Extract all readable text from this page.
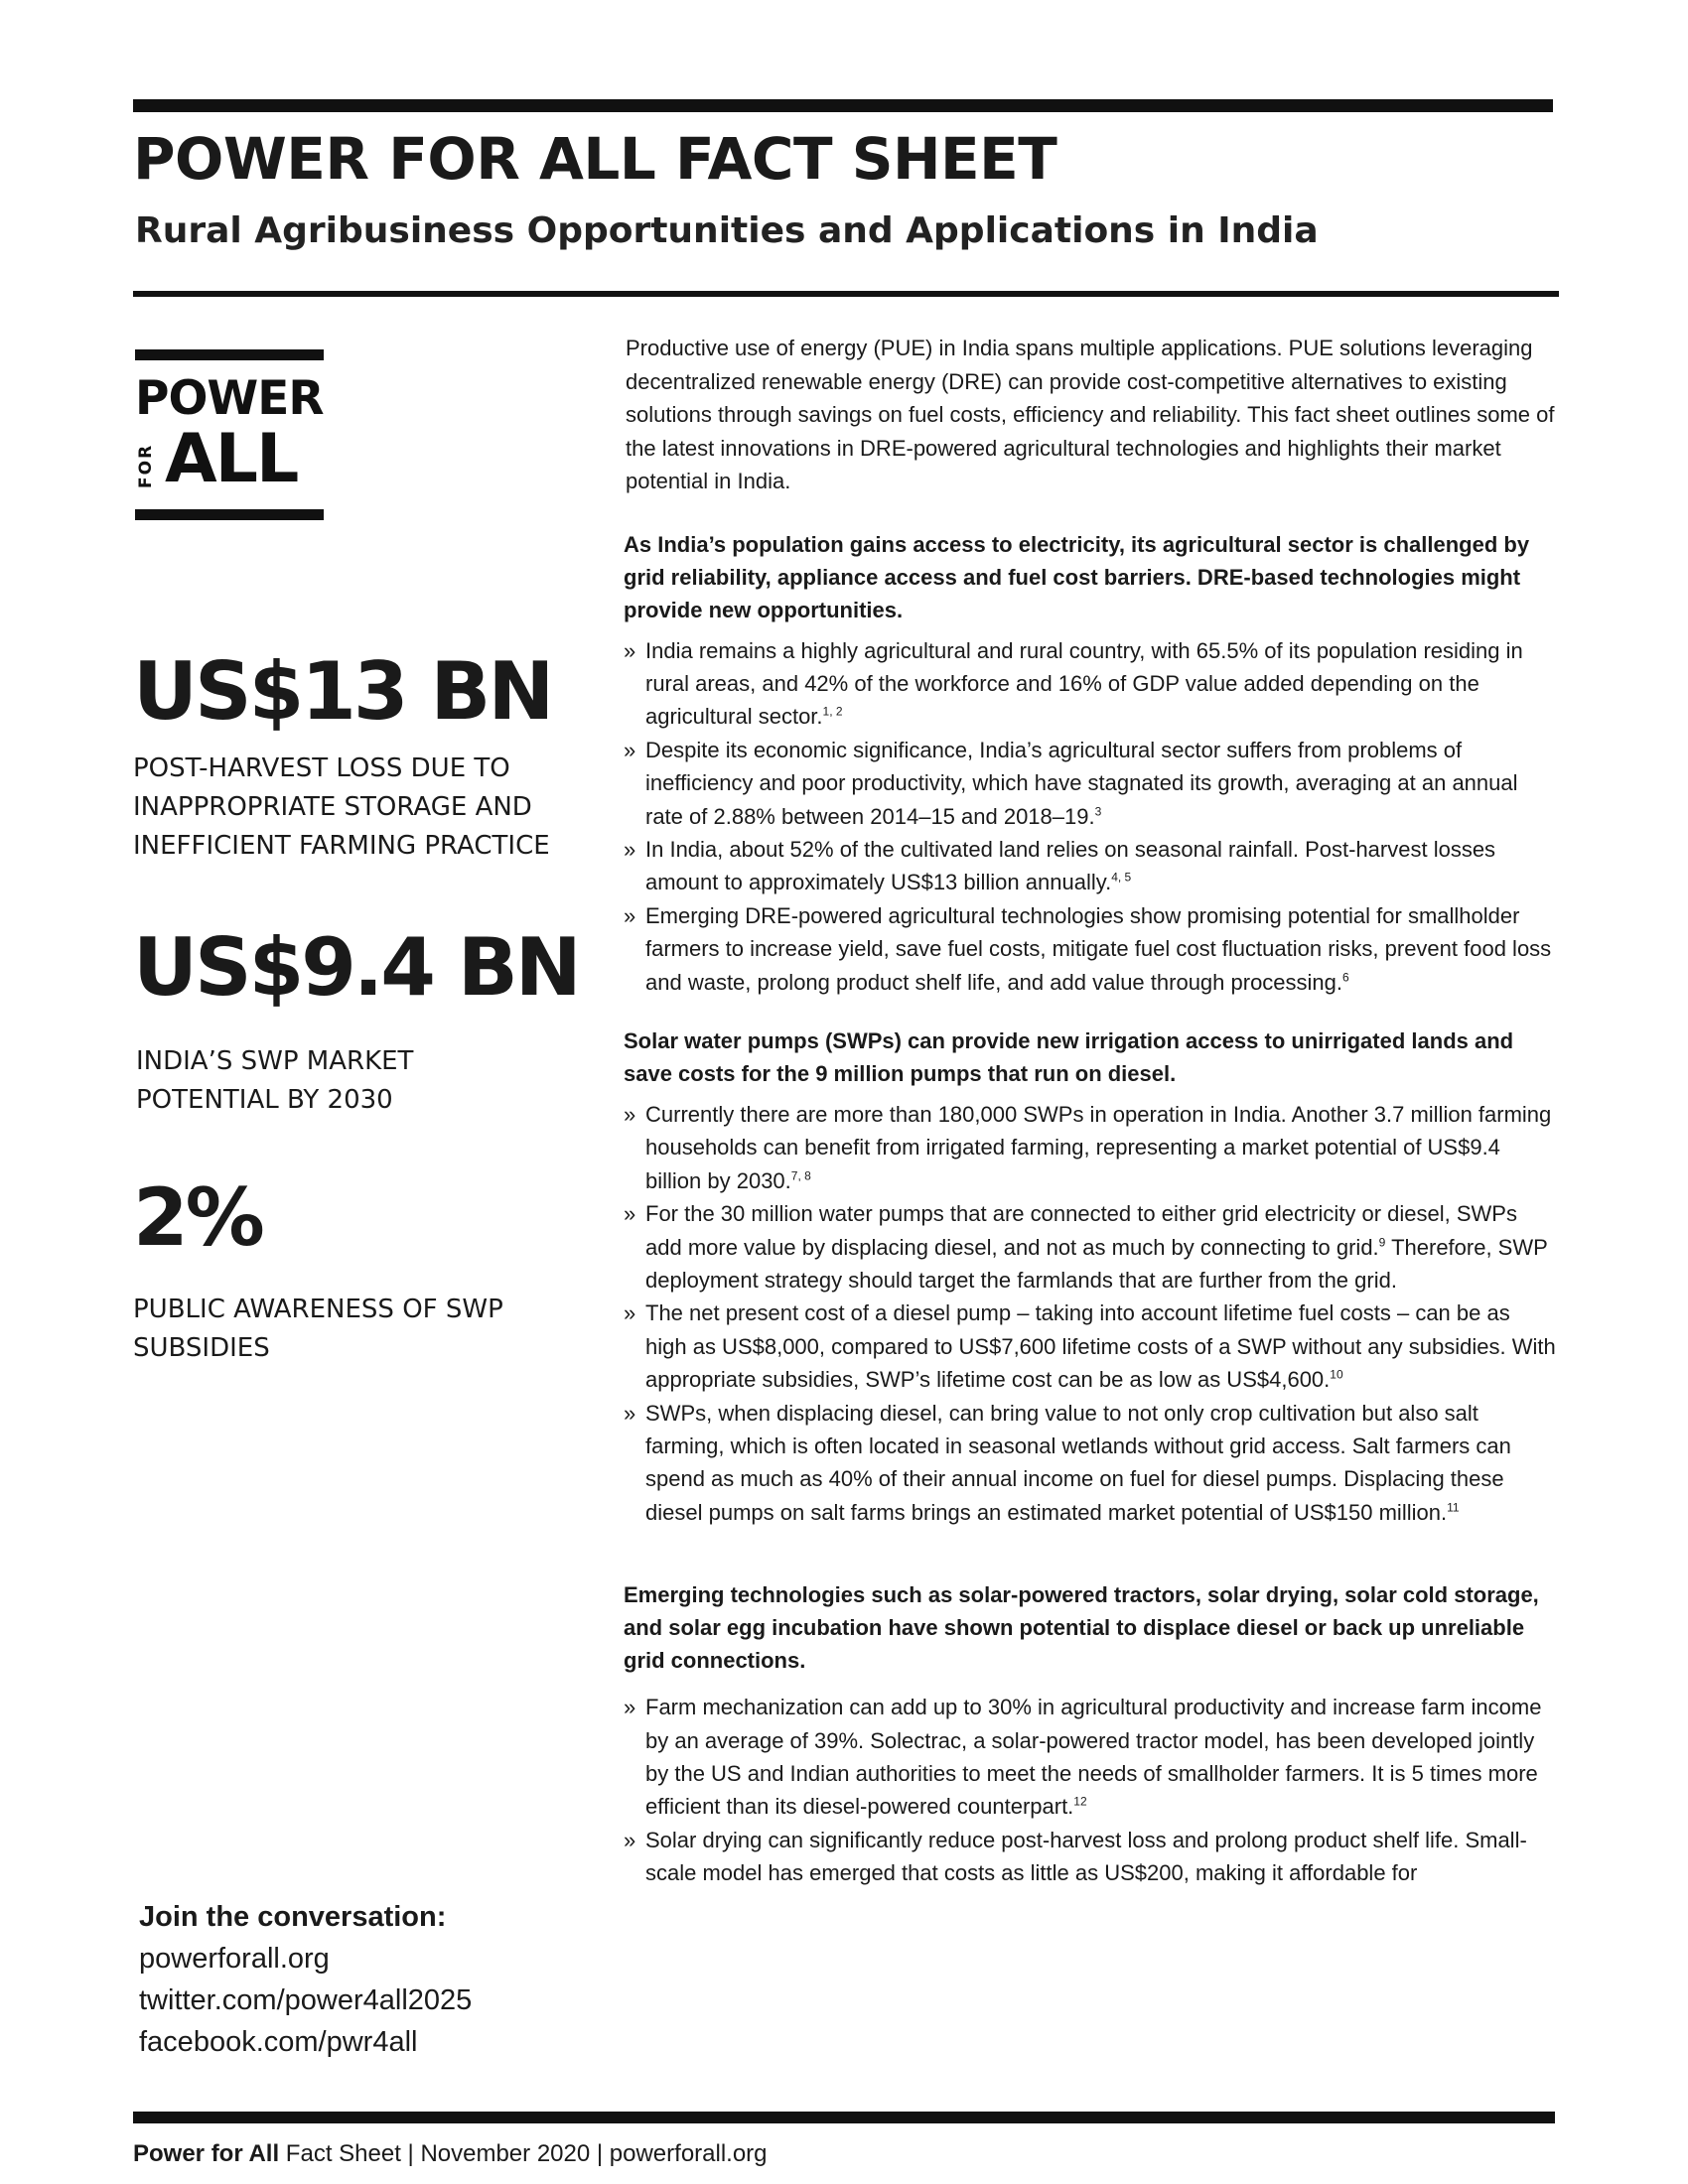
POWER FOR ALL FACT SHEET
Rural Agribusiness Opportunities and Applications in India
POWER
FOR ALL
US$13 BN

POST-HARVEST LOSS DUE TO INAPPROPRIATE STORAGE AND INEFFICIENT FARMING PRACTICE

US$9.4 BN

INDIA’S SWP MARKET POTENTIAL BY 2030

2%

PUBLIC AWARENESS OF SWP SUBSIDIES

Join the conversation:

powerforall.org
twitter.com/power4all2025
facebook.com/pwr4all

Productive use of energy (PUE) in India spans multiple applications. PUE solutions leveraging decentralized renewable energy (DRE) can provide cost-competitive alternatives to existing solutions through savings on fuel costs, efficiency and reliability. This fact sheet outlines some of the latest innovations in DRE-powered agricultural technologies and highlights their market potential in India.

As India’s population gains access to electricity, its agricultural sector is challenged by grid reliability, appliance access and fuel cost barriers. DRE-based technologies might provide new opportunities.

» India remains a highly agricultural and rural country, with 65.5% of its population residing in rural areas, and 42% of the workforce and 16% of GDP value added depending on the agricultural sector.$^{1, 2}$
» Despite its economic significance, India’s agricultural sector suffers from problems of inefficiency and poor productivity, which have stagnated its growth, averaging at an annual rate of 2.88% between 2014–15 and 2018–19.$^3$
» In India, about 52% of the cultivated land relies on seasonal rainfall. Post-harvest losses amount to approximately US$13 billion annually.$^{4, 5}$
» Emerging DRE-powered agricultural technologies show promising potential for smallholder farmers to increase yield, save fuel costs, mitigate fuel cost fluctuation risks, prevent food loss and waste, prolong product shelf life, and add value through processing.$^6$

Solar water pumps (SWPs) can provide new irrigation access to unirrigated lands and save costs for the 9 million pumps that run on diesel.

» Currently there are more than 180,000 SWPs in operation in India. Another 3.7 million farming households can benefit from irrigated farming, representing a market potential of US$9.4 billion by 2030.$^{7, 8}$
» For the 30 million water pumps that are connected to either grid electricity or diesel, SWPs add more value by displacing diesel, and not as much by connecting to grid.$^9$ Therefore, SWP deployment strategy should target the farmlands that are further from the grid.
» The net present cost of a diesel pump – taking into account lifetime fuel costs – can be as high as US$8,000, compared to US$7,600 lifetime costs of a SWP without any subsidies. With appropriate subsidies, SWP’s lifetime cost can be as low as US$4,600.10
» SWPs, when displacing diesel, can bring value to not only crop cultivation but also salt farming, which is often located in seasonal wetlands without grid access. Salt farmers can spend as much as 40% of their annual income on fuel for diesel pumps. Displacing these diesel pumps on salt farms brings an estimated market potential of US$150 million.$^{11}$

Emerging technologies such as solar-powered tractors, solar drying, solar cold storage, and solar egg incubation have shown potential to displace diesel or back up unreliable grid connections.

» Farm mechanization can add up to 30% in agricultural productivity and increase farm income by an average of 39%. Solectrac, a solar-powered tractor model, has been developed jointly by the US and Indian authorities to meet the needs of smallholder farmers. It is 5 times more efficient than its diesel-powered counterpart.$^{12}$
» Solar drying can significantly reduce post-harvest loss and prolong product shelf life. Small-scale model has emerged that costs as little as US$200, making it affordable for
Power for All Fact Sheet | November 2020 | powerforall.org
